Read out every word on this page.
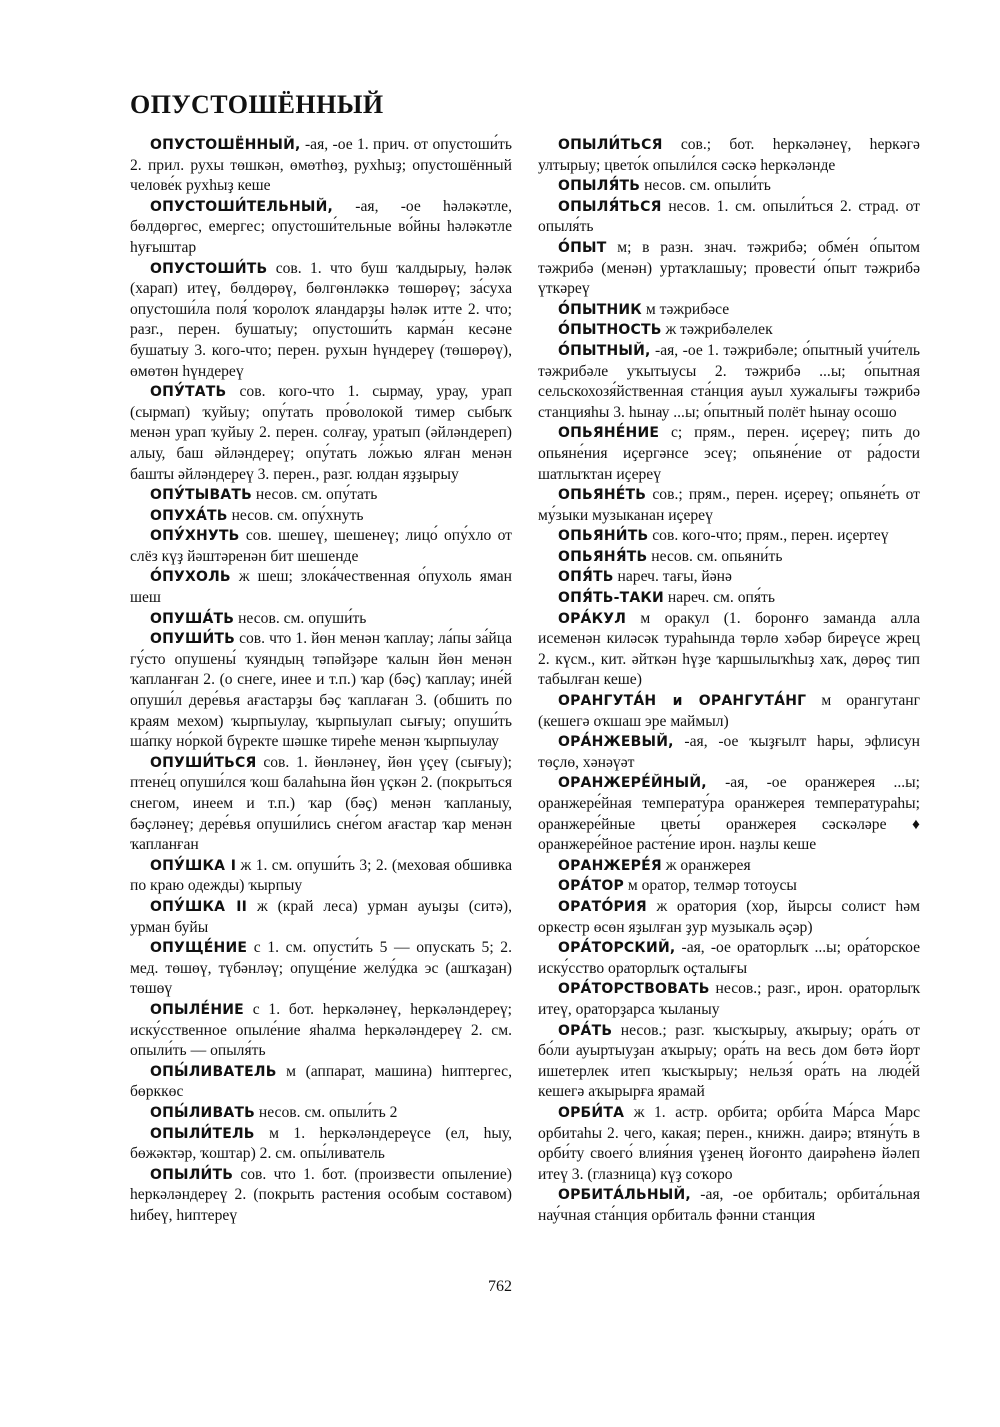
ОПУСТОШЁННЫЙ

ОПУСТОШЁННЫЙ, -ая, -ое 1. прич. от опустоши́ть 2. прил. рухы төшкән, өмөтһөҙ, рухһыҙ; опустошённый челове́к рухһыҙ кеше

ОПУСТОШИ́ТЕЛЬНЫЙ, -ая, -ое һәләкәтле, бөлдөргөс, емергес; опустоши́тельные во́йны һәләкәтле һуғыштар

ОПУСТОШИ́ТЬ сов. 1. что буш ҡалдырыу, һәләк (харап) итеү, бөлдөрөү, бөлгөнләккә төшөрөү; за́суха опустоши́ла поля́ ҡоролоҡ яландарҙы һәләк итте 2. что; разг., перен. бушатыу; опустоши́ть карма́н кесәне бушатыу 3. кого-что; перен. рухын һүндереү (төшөрөү), өмөтөн һүндереү

ОПУ́ТАТЬ сов. кого-что 1. сырмау, урау, урап (сырмап) ҡуйыу; опу́тать про́волокой тимер сыбыҡ менән урап ҡуйыу 2. перен. солғау, уратып (әйләндереп) алыу, баш әйләндереү; опу́тать ло́жью ялған менән башты әйләндереү 3. перен., разг. юлдан яҙҙырыу

ОПУ́ТЫВАТЬ несов. см. опу́тать

ОПУХА́ТЬ несов. см. опу́хнуть

ОПУ́ХНУТЬ сов. шешеү, шешенеү; лицо́ опу́хло от слёз күҙ йәштәренән бит шешенде

О́ПУХОЛЬ ж шеш; злока́чественная о́пухоль яман шеш

ОПУША́ТЬ несов. см. опуши́ть

ОПУШИ́ТЬ сов. что 1. йөн менән ҡаплау; ла́пы за́йца гу́сто опушены́ ҡуяндың тәпәйҙәре ҡалын йөн менән ҡапланған 2. (о снеге, инее и т.п.) ҡар (бәҫ) ҡаплау; ине́й опуши́л дере́вья ағастарҙы бәҫ ҡаплаған 3. (обшить по краям мехом) ҡырпыулау, ҡырпыулап сығыу; опуши́ть ша́пку но́ркой бүректе шәшке тиреһе менән ҡырпыулау

ОПУШИ́ТЬСЯ сов. 1. йөнләнеү, йөн үҫеү (сығыу); птене́ц опуши́лся ҡош балаһына йөн үҫкән 2. (покрыться снегом, инеем и т.п.) ҡар (бәҫ) менән ҡапланыу, бәҫләнеү; дере́вья опуши́лись сне́гом ағастар ҡар менән ҡапланған

ОПУ́ШКА I ж 1. см. опуши́ть 3; 2. (меховая обшивка по краю одежды) ҡырпыу

ОПУ́ШКА II ж (край леса) урман ауыҙы (ситә), урман буйы

ОПУЩЕ́НИЕ с 1. см. опусти́ть 5 — опускать 5; 2. мед. төшөү, түбәнләү; опуще́ние желу́дка эс (ашҡаҙан) төшөү

ОПЫЛЕ́НИЕ с 1. бот. һеркәләнеү, һеркәләндереү; иску́сственное опыле́ние яһалма һеркәләндереү 2. см. опыли́ть — опыля́ть

ОПЫ́ЛИВАТЕЛЬ м (аппарат, машина) һиптергес, бөрккөс

ОПЫ́ЛИВАТЬ несов. см. опыли́ть 2

ОПЫЛИ́ТЕЛЬ м 1. һеркәләндереүсе (ел, һыу, бөжәктәр, ҡоштар) 2. см. опы́ливатель

ОПЫЛИ́ТЬ сов. что 1. бот. (произвести опыление) һеркәләндереү 2. (покрыть растения особым составом) һибеү, һиптереү

ОПЫЛИ́ТЬСЯ сов.; бот. һеркәләнеү, һеркәгә ултырыу; цвето́к опыли́лся сәскә һеркәләнде

ОПЫЛЯ́ТЬ несов. см. опыли́ть

ОПЫЛЯ́ТЬСЯ несов. 1. см. опыли́ться 2. страд. от опыля́ть

О́ПЫТ м; в разн. знач. тәжрибә; обме́н о́пытом тәжрибә (менән) уртаҡлашыу; провести́ о́пыт тәжрибә үткәреү

О́ПЫТНИК м тәжрибәсе

О́ПЫТНОСТЬ ж тәжрибәлелек

О́ПЫТНЫЙ, -ая, -ое 1. тәжрибәле; о́пытный учи́тель тәжрибәле уҡытыусы 2. тәжрибә ...ы; о́пытная сельскохозя́йственная ста́нция ауыл хужалығы тәжрибә станцияһы 3. һынау ...ы; о́пытный полёт һынау осошо

ОПЬЯНЕ́НИЕ с; прям., перен. иҫереү; пить до опьяне́ния иҫергәнсе эсеү; опьяне́ние от ра́дости шатлыҡтан иҫереү

ОПЬЯНЕ́ТЬ сов.; прям., перен. иҫереү; опьяне́ть от му́зыки музыканан иҫереү

ОПЬЯНИ́ТЬ сов. кого-что; прям., перен. иҫертеү

ОПЬЯНЯ́ТЬ несов. см. опьяни́ть

ОПЯ́ТЬ нареч. тағы, йәнә

ОПЯ́ТЬ-ТАКИ нареч. см. опя́ть

ОРА́КУЛ м оракул (1. боронғо заманда алла исеменән киләсәк тураһында төрлө хәбәр биреүсе жрец 2. күсм., кит. әйткән һүҙе ҡаршылыҡһыҙ хаҡ, дөрөҫ тип табылған кеше)

ОРАНГУТА́Н и ОРАНГУТА́НГ м орангутанг (кешегә оҡшаш эре маймыл)

ОРА́НЖЕВЫЙ, -ая, -ое ҡыҙғылт һары, эфлисун төҫлө, хәнәүәт

ОРАНЖЕРЕ́ЙНЫЙ, -ая, -ое оранжерея ...ы; оранжере́йная температу́ра оранжерея температураһы; оранжере́йные цветы́ оранжерея сәскәләре ♦ оранжере́йное расте́ние ирон. наҙлы кеше

ОРАНЖЕРЕ́Я ж оранжерея

ОРА́ТОР м оратор, телмәр тотоусы

ОРАТО́РИЯ ж оратория (хор, йырсы солист һәм оркестр өсөн яҙылған ҙур музыкаль әҫәр)

ОРА́ТОРСКИЙ, -ая, -ое ораторлыҡ ...ы; ора́торское иску́сство ораторлыҡ оҫталығы

ОРА́ТОРСТВОВАТЬ несов.; разг., ирон. ораторлыҡ итеү, ораторҙарса ҡыланыу

ОРА́ТЬ несов.; разг. ҡысҡырыу, аҡырыу; ора́ть от бо́ли ауыртыуҙан аҡырыу; ора́ть на весь дом бөтә йорт ишетерлек итеп ҡысҡырыу; нельзя́ ора́ть на люде́й кешегә аҡырырға ярамай

ОРБИ́ТА ж 1. астр. орбита; орби́та Ма́рса Марс орбитаһы 2. чего, какая; перен., книжн. даирә; втяну́ть в орби́ту своего́ влия́ния үҙенең йоғонто даирәһенә йәлеп итеү 3. (глазница) күҙ соҡоро

ОРБИТА́ЛЬНЫЙ, -ая, -ое орбиталь; орбита́льная нау́чная ста́нция орбиталь фәнни станция

762
